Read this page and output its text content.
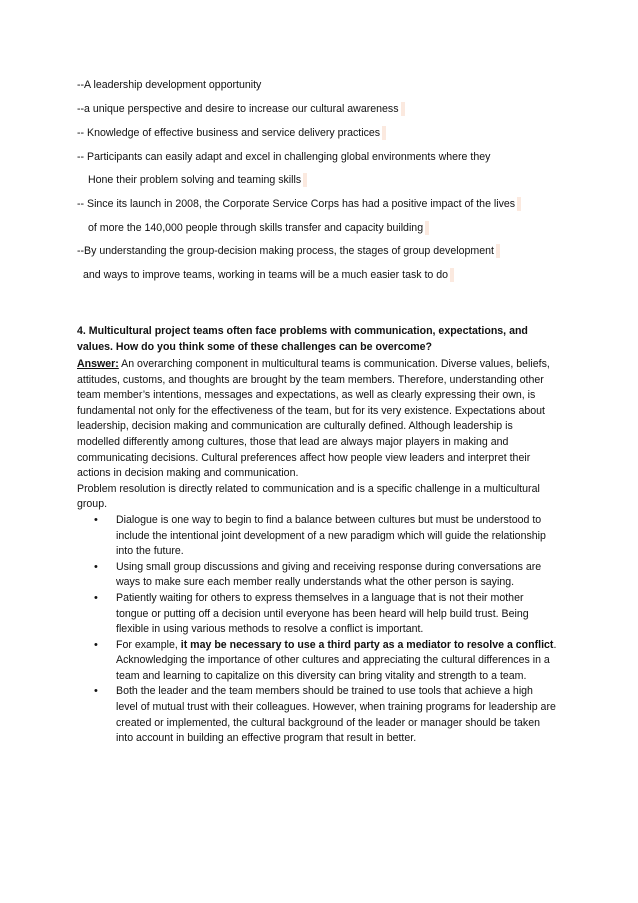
--A leadership development opportunity
--a unique perspective and desire to increase our cultural awareness
-- Knowledge of effective business and service delivery practices
-- Participants can easily adapt and excel in challenging global environments where they
Hone their problem solving and teaming skills
-- Since its launch in 2008, the Corporate Service Corps has had a positive impact of the lives
of more the 140,000 people through skills transfer and capacity building
--By understanding the group-decision making process, the stages of group development
and ways to improve teams, working in teams will be a much easier task to do
4. Multicultural project teams often face problems with communication, expectations, and values. How do you think some of these challenges can be overcome?

Answer: An overarching component in multicultural teams is communication. Diverse values, beliefs, attitudes, customs, and thoughts are brought by the team members. Therefore, understanding other team member’s intentions, messages and expectations, as well as clearly expressing their own, is fundamental not only for the effectiveness of the team, but for its very existence. Expectations about leadership, decision making and communication are culturally defined. Although leadership is modelled differently among cultures, those that lead are always major players in making and communicating decisions. Cultural preferences affect how people view leaders and interpret their actions in decision making and communication.

Problem resolution is directly related to communication and is a specific challenge in a multicultural group.

• Dialogue is one way to begin to find a balance between cultures but must be understood to include the intentional joint development of a new paradigm which will guide the relationship into the future.
• Using small group discussions and giving and receiving response during conversations are ways to make sure each member really understands what the other person is saying.
• Patiently waiting for others to express themselves in a language that is not their mother tongue or putting off a decision until everyone has been heard will help build trust. Being flexible in using various methods to resolve a conflict is important.
• For example, it may be necessary to use a third party as a mediator to resolve a conflict. Acknowledging the importance of other cultures and appreciating the cultural differences in a team and learning to capitalize on this diversity can bring vitality and strength to a team.
• Both the leader and the team members should be trained to use tools that achieve a high level of mutual trust with their colleagues. However, when training programs for leadership are created or implemented, the cultural background of the leader or manager should be taken into account in building an effective program that result in better.
